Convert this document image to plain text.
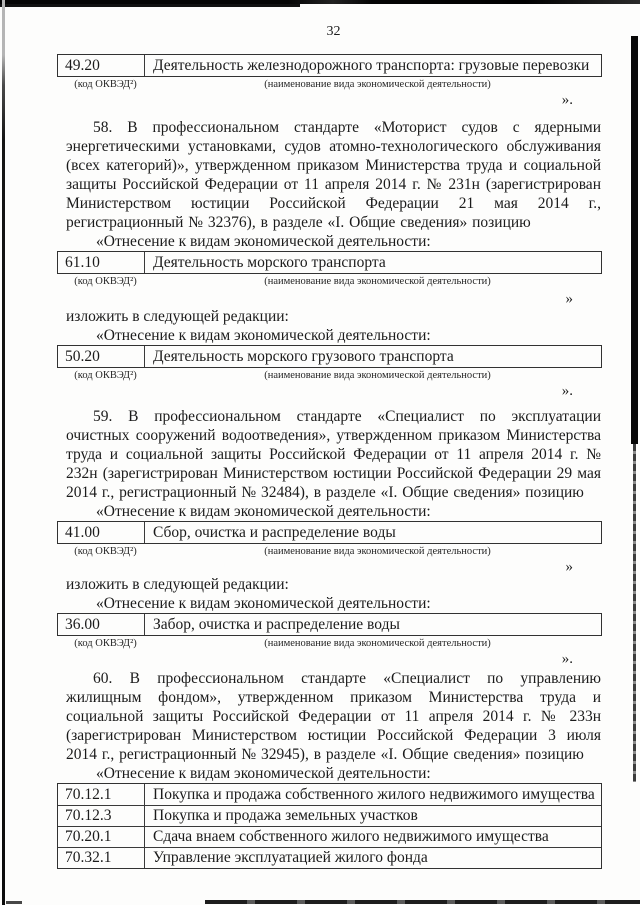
32
49.20	Деятельность железнодорожного транспорта: грузовые перевозки
(код ОКВЭД²)	(наименование вида экономической деятельности)
».
58. В профессиональном стандарте «Моторист судов с ядерными энергетическими установками, судов атомно-технологического обслуживания (всех категорий)», утвержденном приказом Министерства труда и социальной защиты Российской Федерации от 11 апреля 2014 г. № 231н (зарегистрирован Министерством юстиции Российской Федерации 21 мая 2014 г., регистрационный № 32376), в разделе «I. Общие сведения» позицию
«Отнесение к видам экономической деятельности:
61.10	Деятельность морского транспорта
(код ОКВЭД²)	(наименование вида экономической деятельности)
»
изложить в следующей редакции:
«Отнесение к видам экономической деятельности:
50.20	Деятельность морского грузового транспорта
(код ОКВЭД²)	(наименование вида экономической деятельности)
».
59. В профессиональном стандарте «Специалист по эксплуатации очистных сооружений водоотведения», утвержденном приказом Министерства труда и социальной защиты Российской Федерации от 11 апреля 2014 г. № 232н (зарегистрирован Министерством юстиции Российской Федерации 29 мая 2014 г., регистрационный № 32484), в разделе «I. Общие сведения» позицию
«Отнесение к видам экономической деятельности:
41.00	Сбор, очистка и распределение воды
(код ОКВЭД²)	(наименование вида экономической деятельности)
»
изложить в следующей редакции:
«Отнесение к видам экономической деятельности:
36.00	Забор, очистка и распределение воды
(код ОКВЭД²)	(наименование вида экономической деятельности)
».
60. В профессиональном стандарте «Специалист по управлению жилищным фондом», утвержденном приказом Министерства труда и социальной защиты Российской Федерации от 11 апреля 2014 г. № 233н (зарегистрирован Министерством юстиции Российской Федерации 3 июля 2014 г., регистрационный № 32945), в разделе «I. Общие сведения» позицию
«Отнесение к видам экономической деятельности:
70.12.1	Покупка и продажа собственного жилого недвижимого имущества
70.12.3	Покупка и продажа земельных участков
70.20.1	Сдача внаем собственного жилого недвижимого имущества
70.32.1	Управление эксплуатацией жилого фонда
